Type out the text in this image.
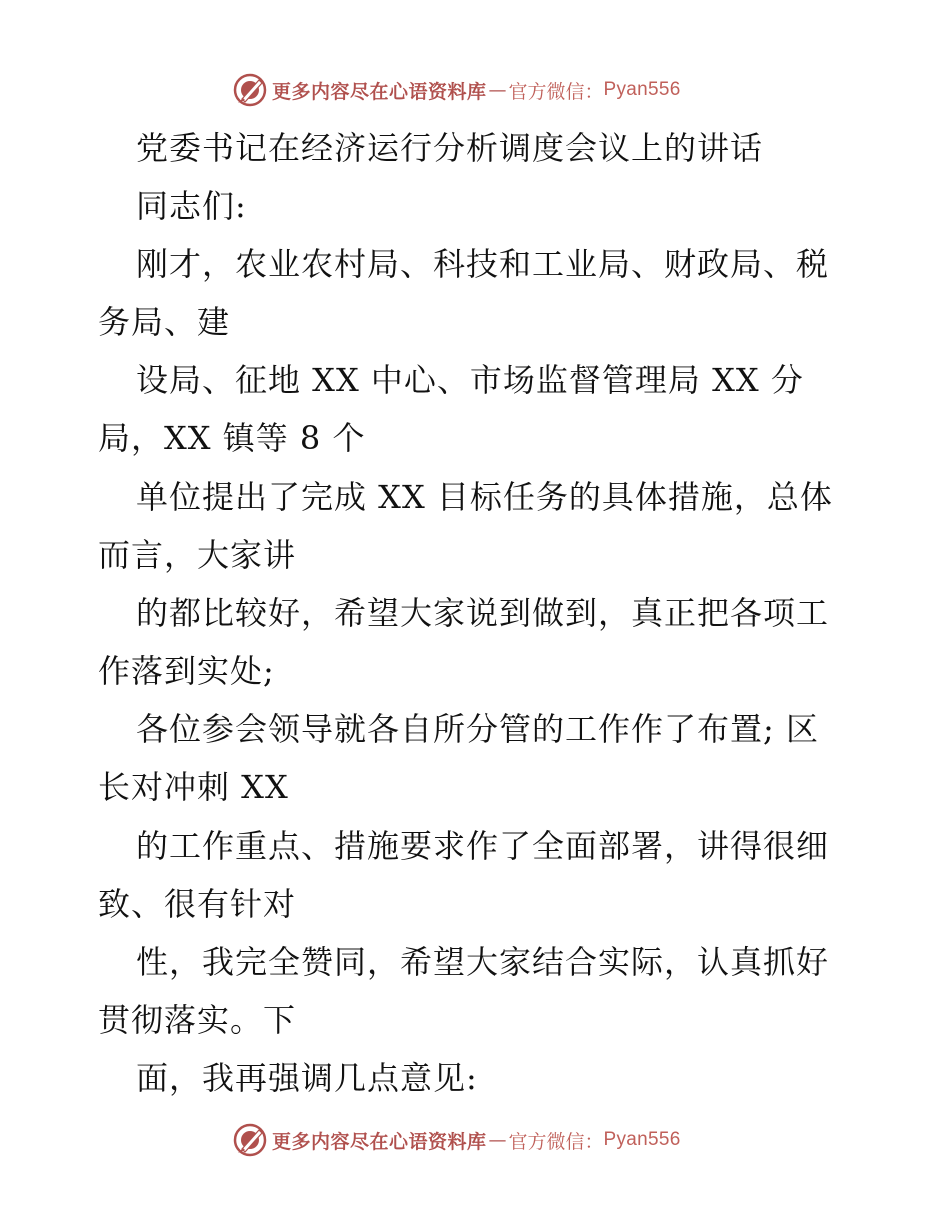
更多内容尽在心语资料库 — 官方微信： Pyan556
党委书记在经济运行分析调度会议上的讲话
同志们:
刚才，农业农村局、科技和工业局、财政局、税
务局、建
设局、征地 XX 中心、市场监督管理局 XX 分
局，XX 镇等 8 个
单位提出了完成 XX 目标任务的具体措施，总体
而言，大家讲
的都比较好，希望大家说到做到，真正把各项工
作落到实处;
各位参会领导就各自所分管的工作作了布置; 区
长对冲刺 XX
的工作重点、措施要求作了全面部署，讲得很细
致、很有针对
性，我完全赞同，希望大家结合实际，认真抓好
贯彻落实。下
面，我再强调几点意见:
更多内容尽在心语资料库 — 官方微信： Pyan556
